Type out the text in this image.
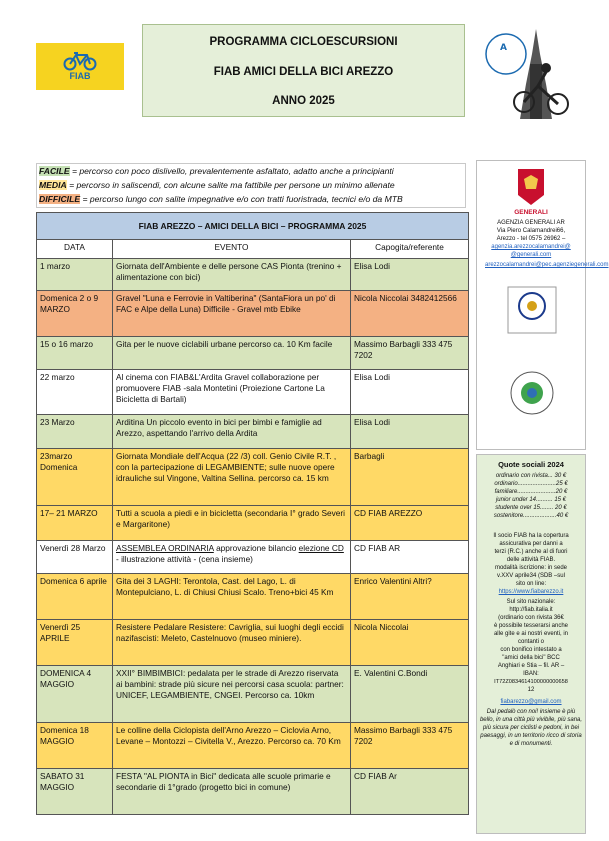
FIAB
PROGRAMMA CICLOESCURSIONI
FIAB AMICI DELLA BICI AREZZO
ANNO 2025
A
FACILE = percorso con poco dislivello, prevalentemente asfaltato, adatto anche a principianti
MEDIA = percorso in saliscendi, con alcune salite ma fattibile per persone un minimo allenate
DIFFICILE = percorso lungo con salite impegnative e/o con tratti fuoristrada, tecnici e/o da MTB
FIAB AREZZO – AMICI DELLA BICI – PROGRAMMA 2025		
DATA	EVENTO	Capogita/referente
1 marzo	Giornata dell'Ambiente e delle persone CAS Pionta (trenino + alimentazione con bici)	Elisa Lodi
Domenica 2 o 9 MARZO	Gravel "Luna e Ferrovie in Valtiberina" (SantaFiora un po' di FAC e Alpe della Luna) Difficile - Gravel mtb Ebike	Nicola Niccolai 3482412566
15 o 16 marzo	Gita per le nuove ciclabili urbane percorso ca. 10 Km facile	Massimo Barbagli 333 475 7202
22 marzo	Al cinema con FIAB&L'Ardita Gravel collaborazione per promuovere FIAB -sala Montetini (Proiezione Cartone La Bicicletta di Bartali)	Elisa Lodi
23 Marzo	Arditina Un piccolo evento in bici per bimbi e famiglie ad Arezzo, aspettando l'arrivo della Ardita	Elisa Lodi
23marzo Domenica	Giornata Mondiale dell'Acqua (22 /3) coll. Genio Civile R.T. , con la partecipazione di LEGAMBIENTE; sulle nuove opere idrauliche sul Vingone, Valtina Sellina. percorso ca. 15 km	Barbagli
17– 21 MARZO	Tutti a scuola a piedi e in bicicletta (secondaria I° grado Severi e Margaritone)	CD FIAB AREZZO
Venerdì 28 Marzo	ASSEMBLEA ORDINARIA approvazione bilancio elezione CD - illustrazione attività - (cena insieme)	CD FIAB AR
Domenica 6 aprile	Gita dei 3 LAGHI: Terontola, Cast. del Lago, L. di Montepulciano, L. di Chiusi Chiusi Scalo. Treno+bici 45 Km	Enrico Valentini Altri?
Venerdì 25 APRILE	Resistere Pedalare Resistere: Cavriglia, sui luoghi degli eccidi nazifascisti: Meleto, Castelnuovo (museo miniere).	Nicola Niccolai
DOMENICA 4 MAGGIO	XXII° BIMBIMBICI: pedalata per le strade di Arezzo riservata ai bambini: strade più sicure nei percorsi casa scuola: partner: UNICEF, LEGAMBIENTE, CNGEI. Percorso ca. 10km	E. Valentini C.Bondi
Domenica 18 MAGGIO	Le colline della Ciclopista dell'Arno Arezzo – Ciclovia Arno, Levane – Montozzi – Civitella V., Arezzo. Percorso ca. 70 Km	Massimo Barbagli 333 475 7202
SABATO 31 MAGGIO	FESTA "AL PIONTA in Bici" dedicata alle scuole primarie e secondarie di 1°grado (progetto bici in comune)	CD FIAB Ar
GENERALI
AGENZIA GENERALI AR
Via Piero Calamandrei66,
Arezzo - tel 0575 26962 –
agenzia.arezzocalamandrei@
@generali.com
arezzocalamandrei@pec.agenziegenerali.com
Quote sociali 2024
ordinario con rivista... 30 €
ordinario.......................25 €
familiare.......................20 €
junior under 14.......... 15 €
studente over 15........ 20 €
sostenitore....................40 €
Il socio FIAB ha la copertura
assicurativa per danni a
terzi (R.C.) anche al di fuori
delle attività FIAB.
modalità iscrizione: in sede
v.XXV aprile34 (SDB –sul
sito on line:
https://www.fiabarezzo.it
Sul sito nazionale:
http://fiab.italia.it
(ordinario con rivista 36€
è possibile tesserarsi anche
alle gite e ai nostri eventi, in
contanti o
con bonifico intestato a
"amici della bici" BCC
Anghiari e Stia – fil. AR –
IBAN:
IT72Z0834614100000000658
12
fiabarezzo@gmail.com
Dal pedalò con noi! insieme è più bello, in una città più vivibile, più sana, più sicura per ciclisti e pedoni, in bei paesaggi, in un territorio ricco di storia e di monumenti.
